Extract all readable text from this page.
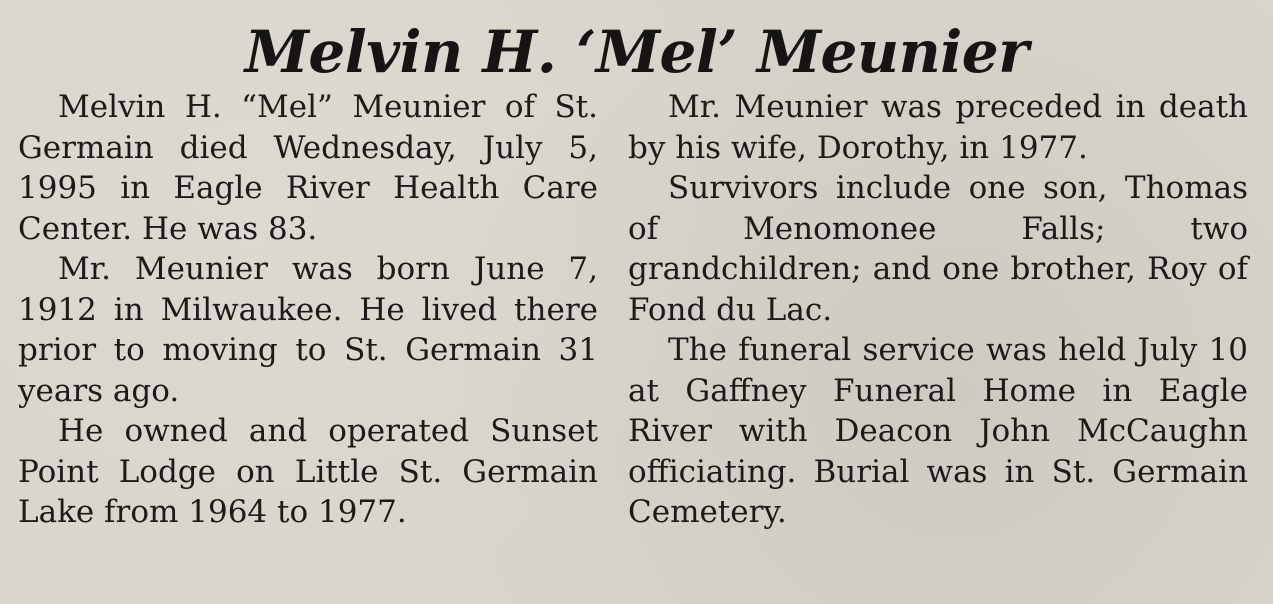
Melvin H. ‘Mel’ Meunier

Melvin H. “Mel” Meunier of St. Germain died Wednesday, July 5, 1995 in Eagle River Health Care Center. He was 83.

Mr. Meunier was born June 7, 1912 in Milwaukee. He lived there prior to moving to St. Germain 31 years ago.

He owned and operated Sunset Point Lodge on Little St. Germain Lake from 1964 to 1977.

Mr. Meunier was preceded in death by his wife, Dorothy, in 1977.

Survivors include one son, Thomas of Menomonee Falls; two grandchildren; and one brother, Roy of Fond du Lac.

The funeral service was held July 10 at Gaffney Funeral Home in Eagle River with Deacon John McCaughn officiating. Burial was in St. Germain Cemetery.
